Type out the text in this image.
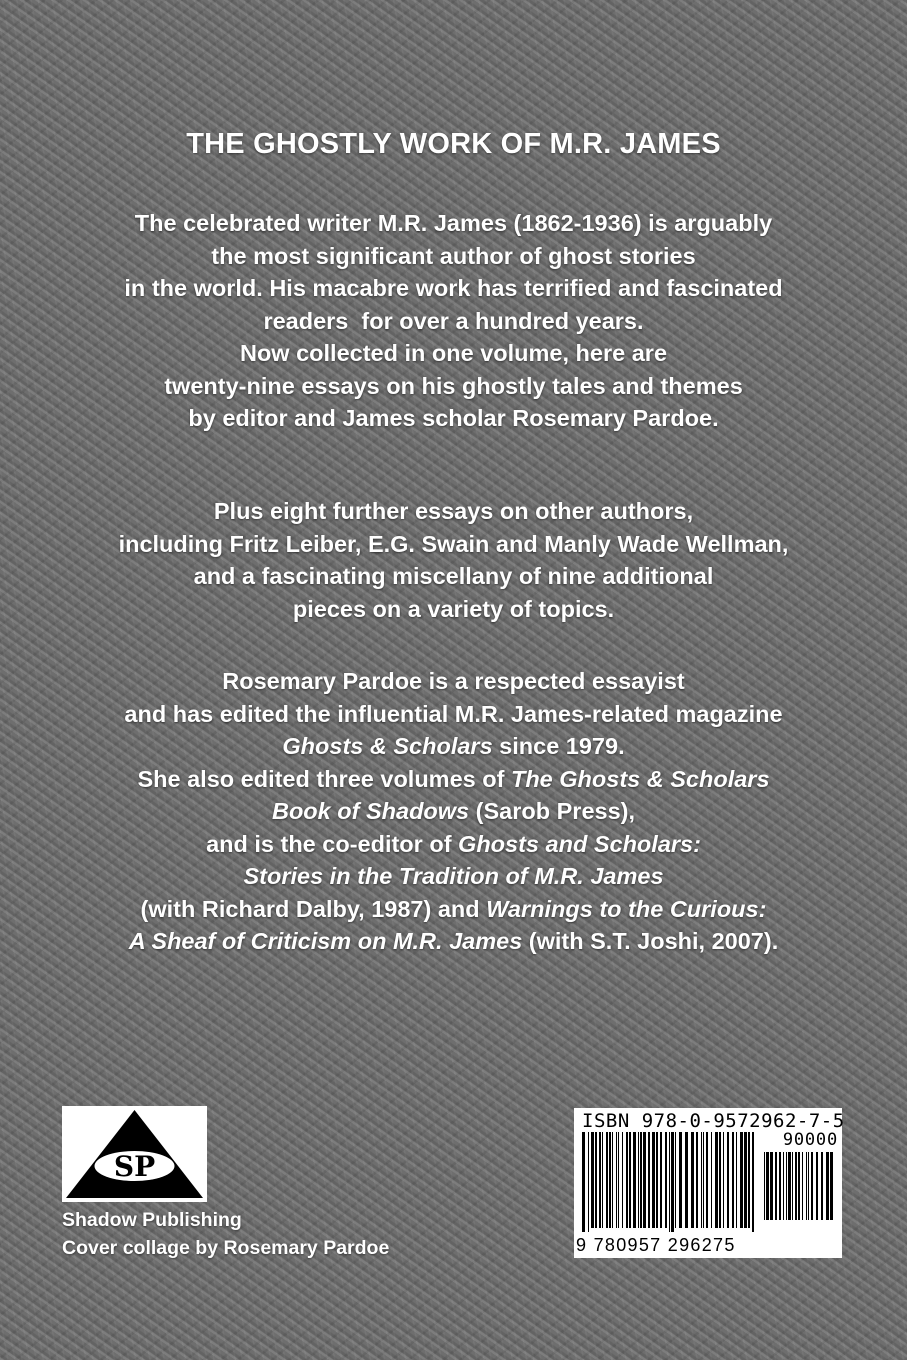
THE GHOSTLY WORK OF M.R. JAMES
The celebrated writer M.R. James (1862-1936) is arguably
the most significant author of ghost stories
in the world. His macabre work has terrified and fascinated
readers  for over a hundred years.
Now collected in one volume, here are
twenty-nine essays on his ghostly tales and themes
by editor and James scholar Rosemary Pardoe.
Plus eight further essays on other authors,
including Fritz Leiber, E.G. Swain and Manly Wade Wellman,
and a fascinating miscellany of nine additional
pieces on a variety of topics.
Rosemary Pardoe is a respected essayist
and has edited the influential M.R. James-related magazine
Ghosts & Scholars since 1979.
She also edited three volumes of The Ghosts & Scholars
Book of Shadows (Sarob Press),
and is the co-editor of Ghosts and Scholars:
Stories in the Tradition of M.R. James
(with Richard Dalby, 1987) and Warnings to the Curious:
A Sheaf of Criticism on M.R. James (with S.T. Joshi, 2007).
SP
Shadow Publishing
Cover collage by Rosemary Pardoe
ISBN 978-0-9572962-7-5
90000
9 780957 296275
